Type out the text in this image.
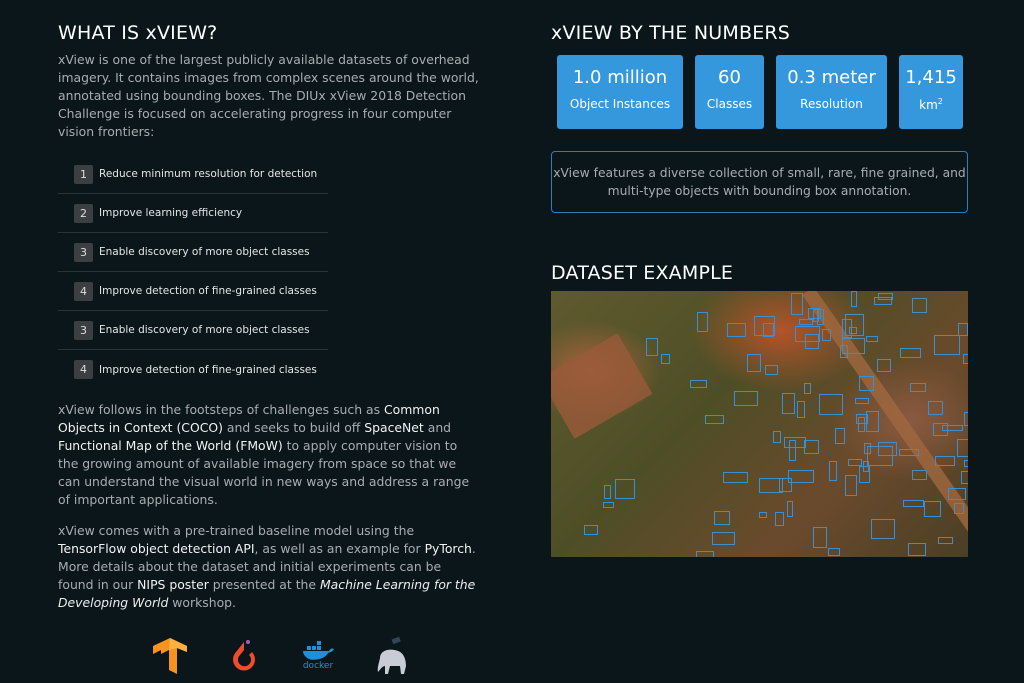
WHAT IS xVIEW?

xView is one of the largest publicly available datasets of overhead imagery. It contains images from complex scenes around the world, annotated using bounding boxes. The DIUx xView 2018 Detection Challenge is focused on accelerating progress in four computer vision frontiers:

1	Reduce minimum resolution for detection
2	Improve learning efficiency
3	Enable discovery of more object classes
4	Improve detection of fine-grained classes
3	Enable discovery of more object classes
4	Improve detection of fine-grained classes

xView follows in the footsteps of challenges such as Common Objects in Context (COCO) and seeks to build off SpaceNet and Functional Map of the World (FMoW) to apply computer vision to the growing amount of available imagery from space so that we can understand the visual world in new ways and address a range of important applications.

xView comes with a pre-trained baseline model using the TensorFlow object detection API, as well as an example for PyTorch. More details about the dataset and initial experiments can be found in our NIPS poster presented at the Machine Learning for the Developing World workshop.

docker
xVIEW BY THE NUMBERS
1.0 million
Object Instances
60
Classes
0.3 meter
Resolution
1,415
$km^2$
xView features a diverse collection of small, rare, fine grained, and multi-type objects with bounding box annotation.
DATASET EXAMPLE
